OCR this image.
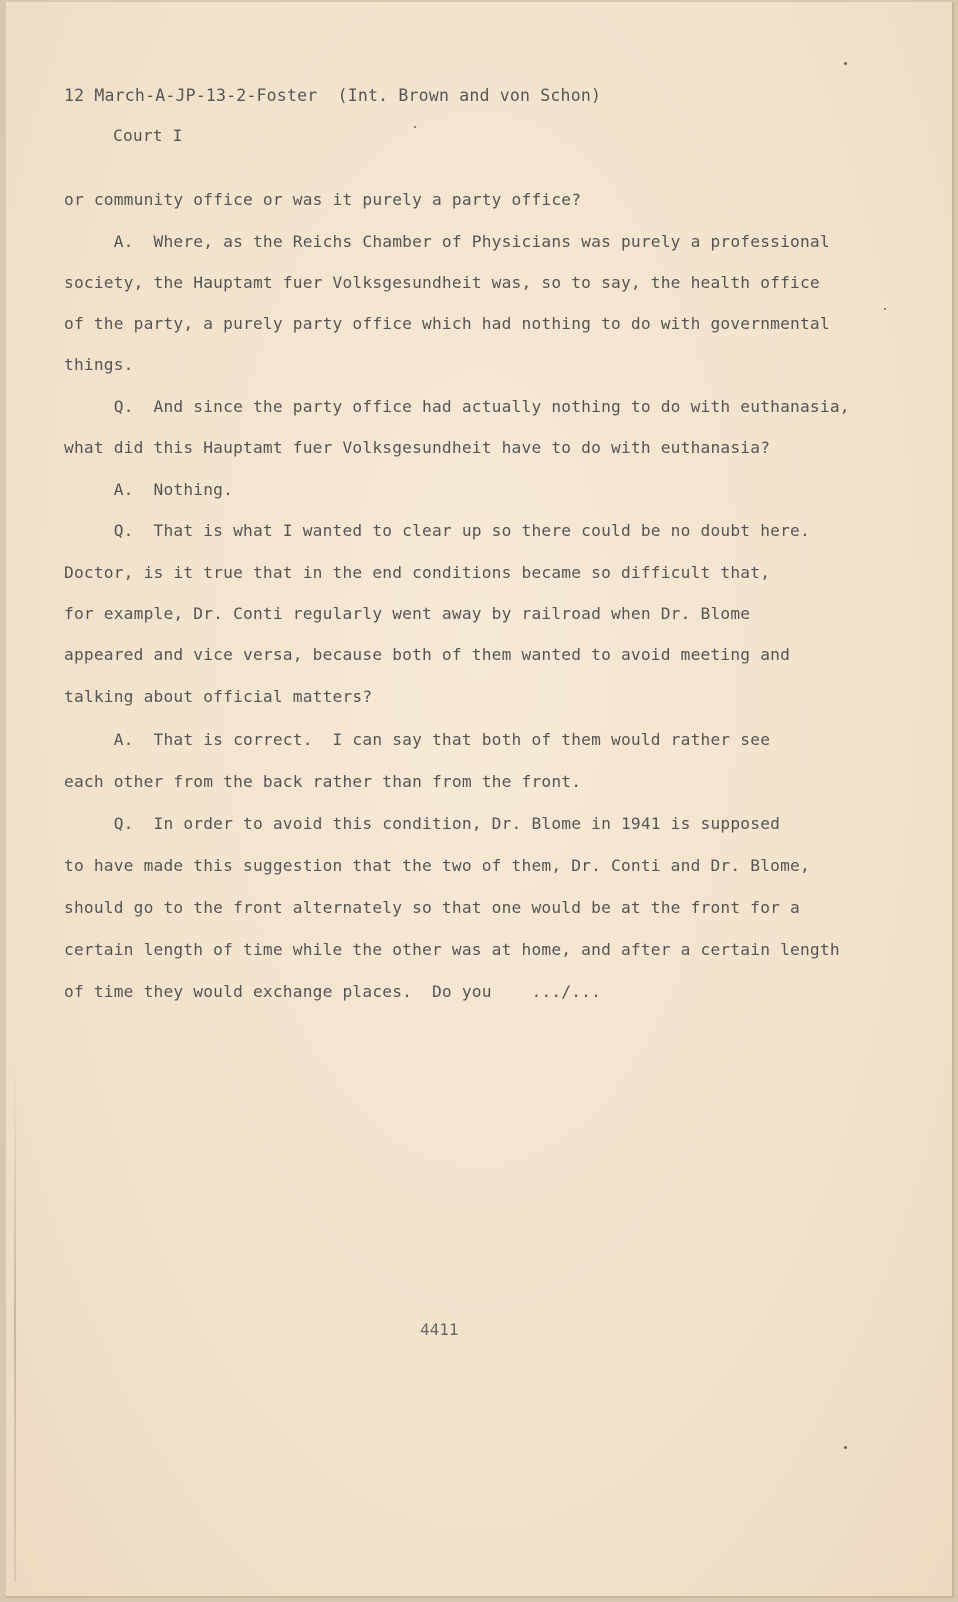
12 March-A-JP-13-2-Foster  (Int. Brown and von Schon)
Court I
or community office or was it purely a party office?
A.  Where, as the Reichs Chamber of Physicians was purely a professional
society, the Hauptamt fuer Volksgesundheit was, so to say, the health office
of the party, a purely party office which had nothing to do with governmental
things.
Q.  And since the party office had actually nothing to do with euthanasia,
what did this Hauptamt fuer Volksgesundheit have to do with euthanasia?
A.  Nothing.
Q.  That is what I wanted to clear up so there could be no doubt here.
Doctor, is it true that in the end conditions became so difficult that,
for example, Dr. Conti regularly went away by railroad when Dr. Blome
appeared and vice versa, because both of them wanted to avoid meeting and
talking about official matters?
A.  That is correct.  I can say that both of them would rather see
each other from the back rather than from the front.
Q.  In order to avoid this condition, Dr. Blome in 1941 is supposed
to have made this suggestion that the two of them, Dr. Conti and Dr. Blome,
should go to the front alternately so that one would be at the front for a
certain length of time while the other was at home, and after a certain length
of time they would exchange places.  Do you    .../...
4411
